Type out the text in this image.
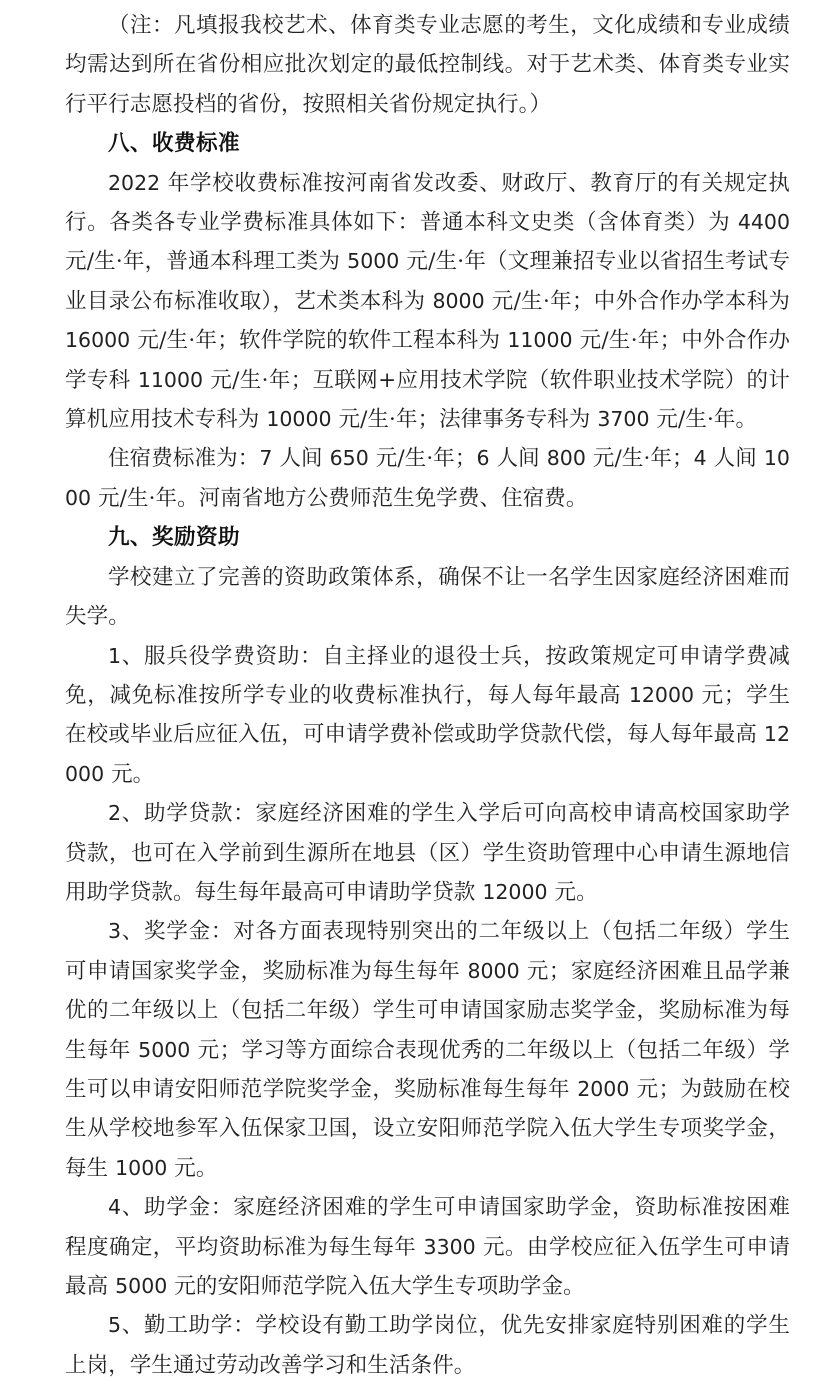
（注：凡填报我校艺术、体育类专业志愿的考生，文化成绩和专业成绩均需达到所在省份相应批次划定的最低控制线。对于艺术类、体育类专业实行平行志愿投档的省份，按照相关省份规定执行。）

八、收费标准

2022 年学校收费标准按河南省发改委、财政厅、教育厅的有关规定执行。各类各专业学费标准具体如下：普通本科文史类（含体育类）为 4400 元/生·年，普通本科理工类为 5000 元/生·年（文理兼招专业以省招生考试专业目录公布标准收取），艺术类本科为 8000 元/生·年；中外合作办学本科为 16000 元/生·年；软件学院的软件工程本科为 11000 元/生·年；中外合作办学专科 11000 元/生·年；互联网+应用技术学院（软件职业技术学院）的计算机应用技术专科为 10000 元/生·年；法律事务专科为 3700 元/生·年。

住宿费标准为：7 人间 650 元/生·年；6 人间 800 元/生·年；4 人间 1000 元/生·年。河南省地方公费师范生免学费、住宿费。

九、奖励资助

学校建立了完善的资助政策体系，确保不让一名学生因家庭经济困难而失学。

1、服兵役学费资助：自主择业的退役士兵，按政策规定可申请学费减免，减免标准按所学专业的收费标准执行，每人每年最高 12000 元；学生在校或毕业后应征入伍，可申请学费补偿或助学贷款代偿，每人每年最高 12000 元。

2、助学贷款：家庭经济困难的学生入学后可向高校申请高校国家助学贷款，也可在入学前到生源所在地县（区）学生资助管理中心申请生源地信用助学贷款。每生每年最高可申请助学贷款 12000 元。

3、奖学金：对各方面表现特别突出的二年级以上（包括二年级）学生可申请国家奖学金，奖励标准为每生每年 8000 元；家庭经济困难且品学兼优的二年级以上（包括二年级）学生可申请国家励志奖学金，奖励标准为每生每年 5000 元；学习等方面综合表现优秀的二年级以上（包括二年级）学生可以申请安阳师范学院奖学金，奖励标准每生每年 2000 元；为鼓励在校生从学校地参军入伍保家卫国，设立安阳师范学院入伍大学生专项奖学金，每生 1000 元。

4、助学金：家庭经济困难的学生可申请国家助学金，资助标准按困难程度确定，平均资助标准为每生每年 3300 元。由学校应征入伍学生可申请最高 5000 元的安阳师范学院入伍大学生专项助学金。

5、勤工助学：学校设有勤工助学岗位，优先安排家庭特别困难的学生上岗，学生通过劳动改善学习和生活条件。
